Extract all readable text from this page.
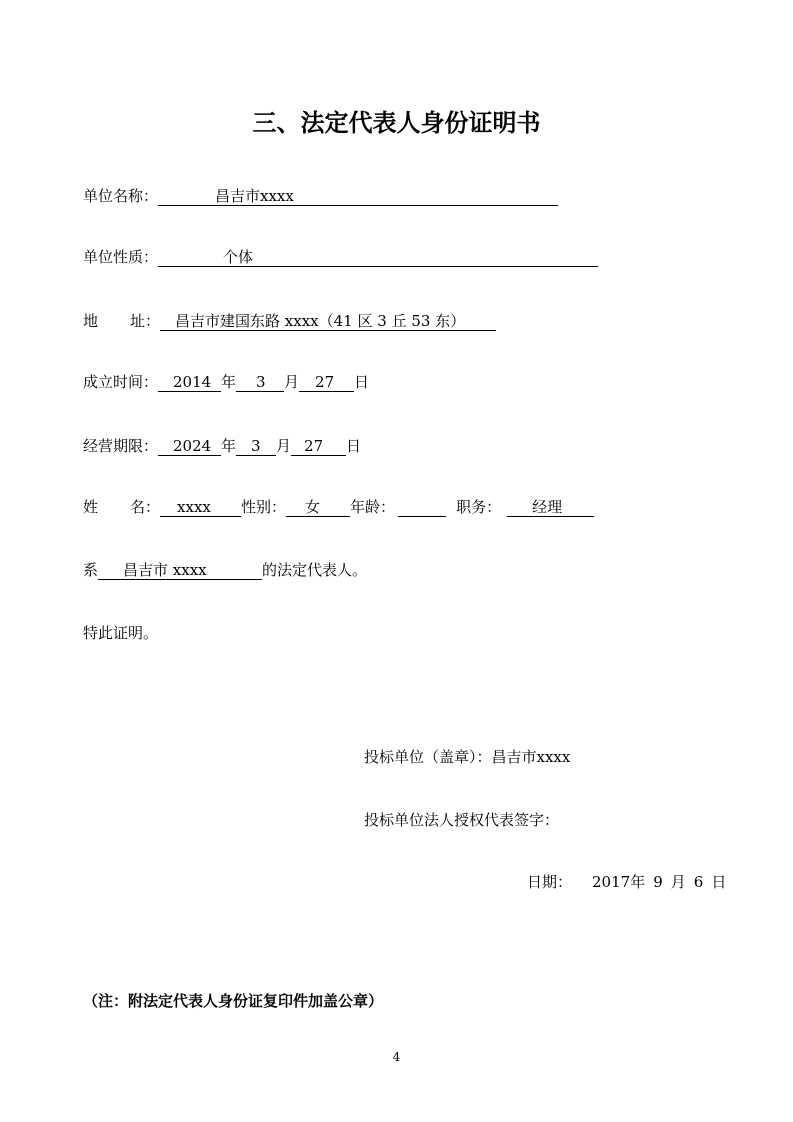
三、法定代表人身份证明书
单位名称：	昌吉市xxxx
单位性质：	个体
地 址： 昌吉市建国东路 xxxx（41 区 3 丘 53 东）
成立时间： 2014 年 3 月 27 日
经营期限： 2024 年 3 月 27 日
姓 名： xxxx 性别： 女 年龄：	职务： 经理
系 昌吉市 xxxx	的法定代表人。
特此证明。
投标单位（盖章）：昌吉市xxxx
投标单位法人授权代表签字：
日期： 2017年 9 月 6 日
（注：附法定代表人身份证复印件加盖公章）
4
